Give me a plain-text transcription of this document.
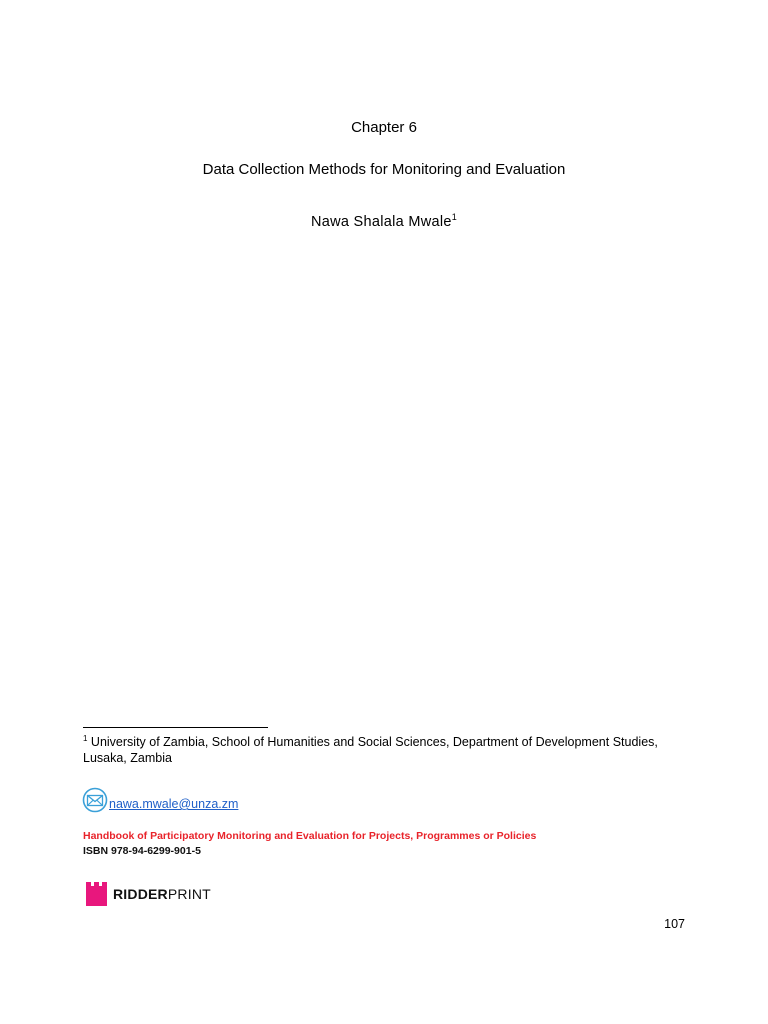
Chapter 6
Data Collection Methods for Monitoring and Evaluation
Nawa Shalala Mwale$^1$
$^1$ University of Zambia, School of Humanities and Social Sciences, Department of Development Studies, Lusaka, Zambia
nawa.mwale@unza.zm
Handbook of Participatory Monitoring and Evaluation for Projects, Programmes or Policies
ISBN 978-94-6299-901-5
RIDDERPRINT
107
